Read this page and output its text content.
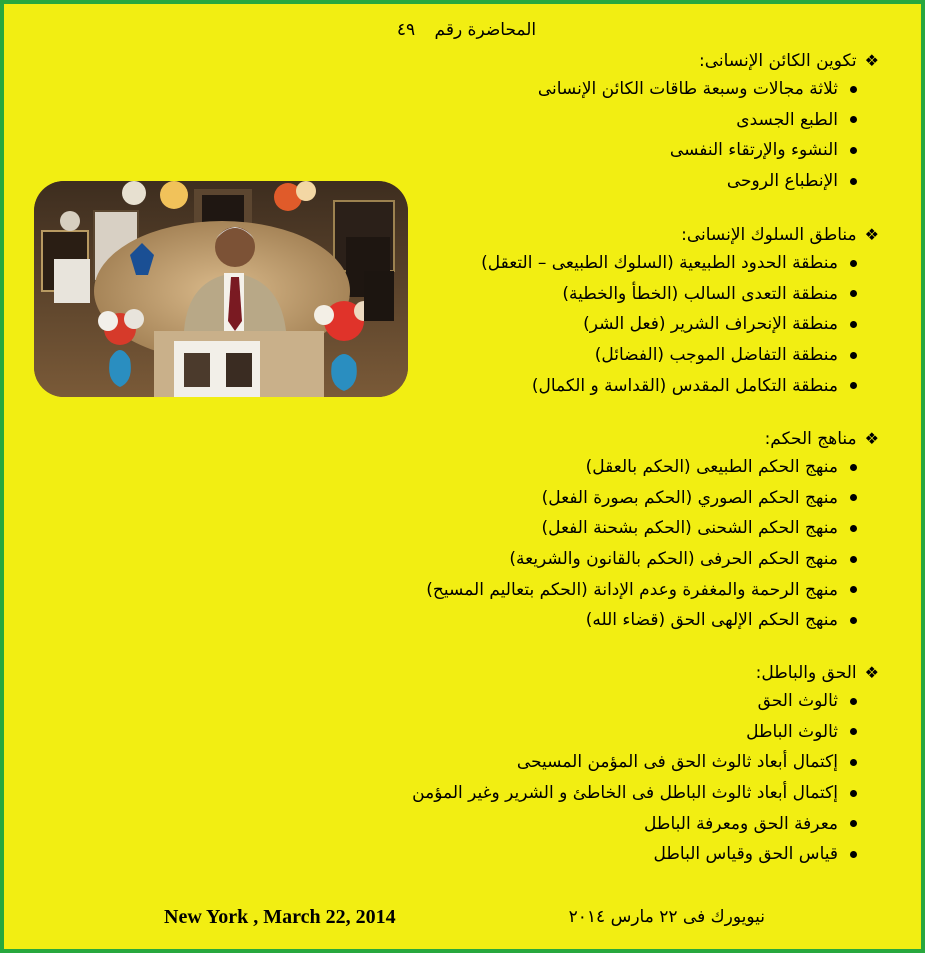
المحاضرة رقم ٤٩
❖تكوين الكائن الإنسانى:
ثلاثة مجالات وسبعة طاقات الكائن الإنسانى
الطبع الجسدى
النشوء والإرتقاء النفسى
الإنطباع الروحى
❖مناطق السلوك الإنسانى:
منطقة الحدود الطبيعية (السلوك الطبيعى – التعقل)
منطقة التعدى السالب (الخطأ والخطية)
منطقة الإنحراف الشرير (فعل الشر)
منطقة التفاضل الموجب (الفضائل)
منطقة التكامل المقدس (القداسة و الكمال)
❖مناهج الحكم:
منهج الحكم الطبيعى (الحكم بالعقل)
منهج الحكم الصوري (الحكم بصورة الفعل)
منهج الحكم الشحنى (الحكم بشحنة الفعل)
منهج الحكم الحرفى (الحكم بالقانون والشريعة)
منهج الرحمة والمغفرة وعدم الإدانة (الحكم بتعاليم المسيح)
منهج الحكم الإلهى الحق (قضاء الله)
❖الحق والباطل:
ثالوث الحق
ثالوث الباطل
إكتمال أبعاد ثالوث الحق فى المؤمن المسيحى
إكتمال أبعاد ثالوث الباطل فى الخاطئ و الشرير وغير المؤمن
معرفة الحق ومعرفة الباطل
قياس الحق وقياس الباطل
New York , March 22, 2014	نيويورك فى ٢٢ مارس ٢٠١٤
